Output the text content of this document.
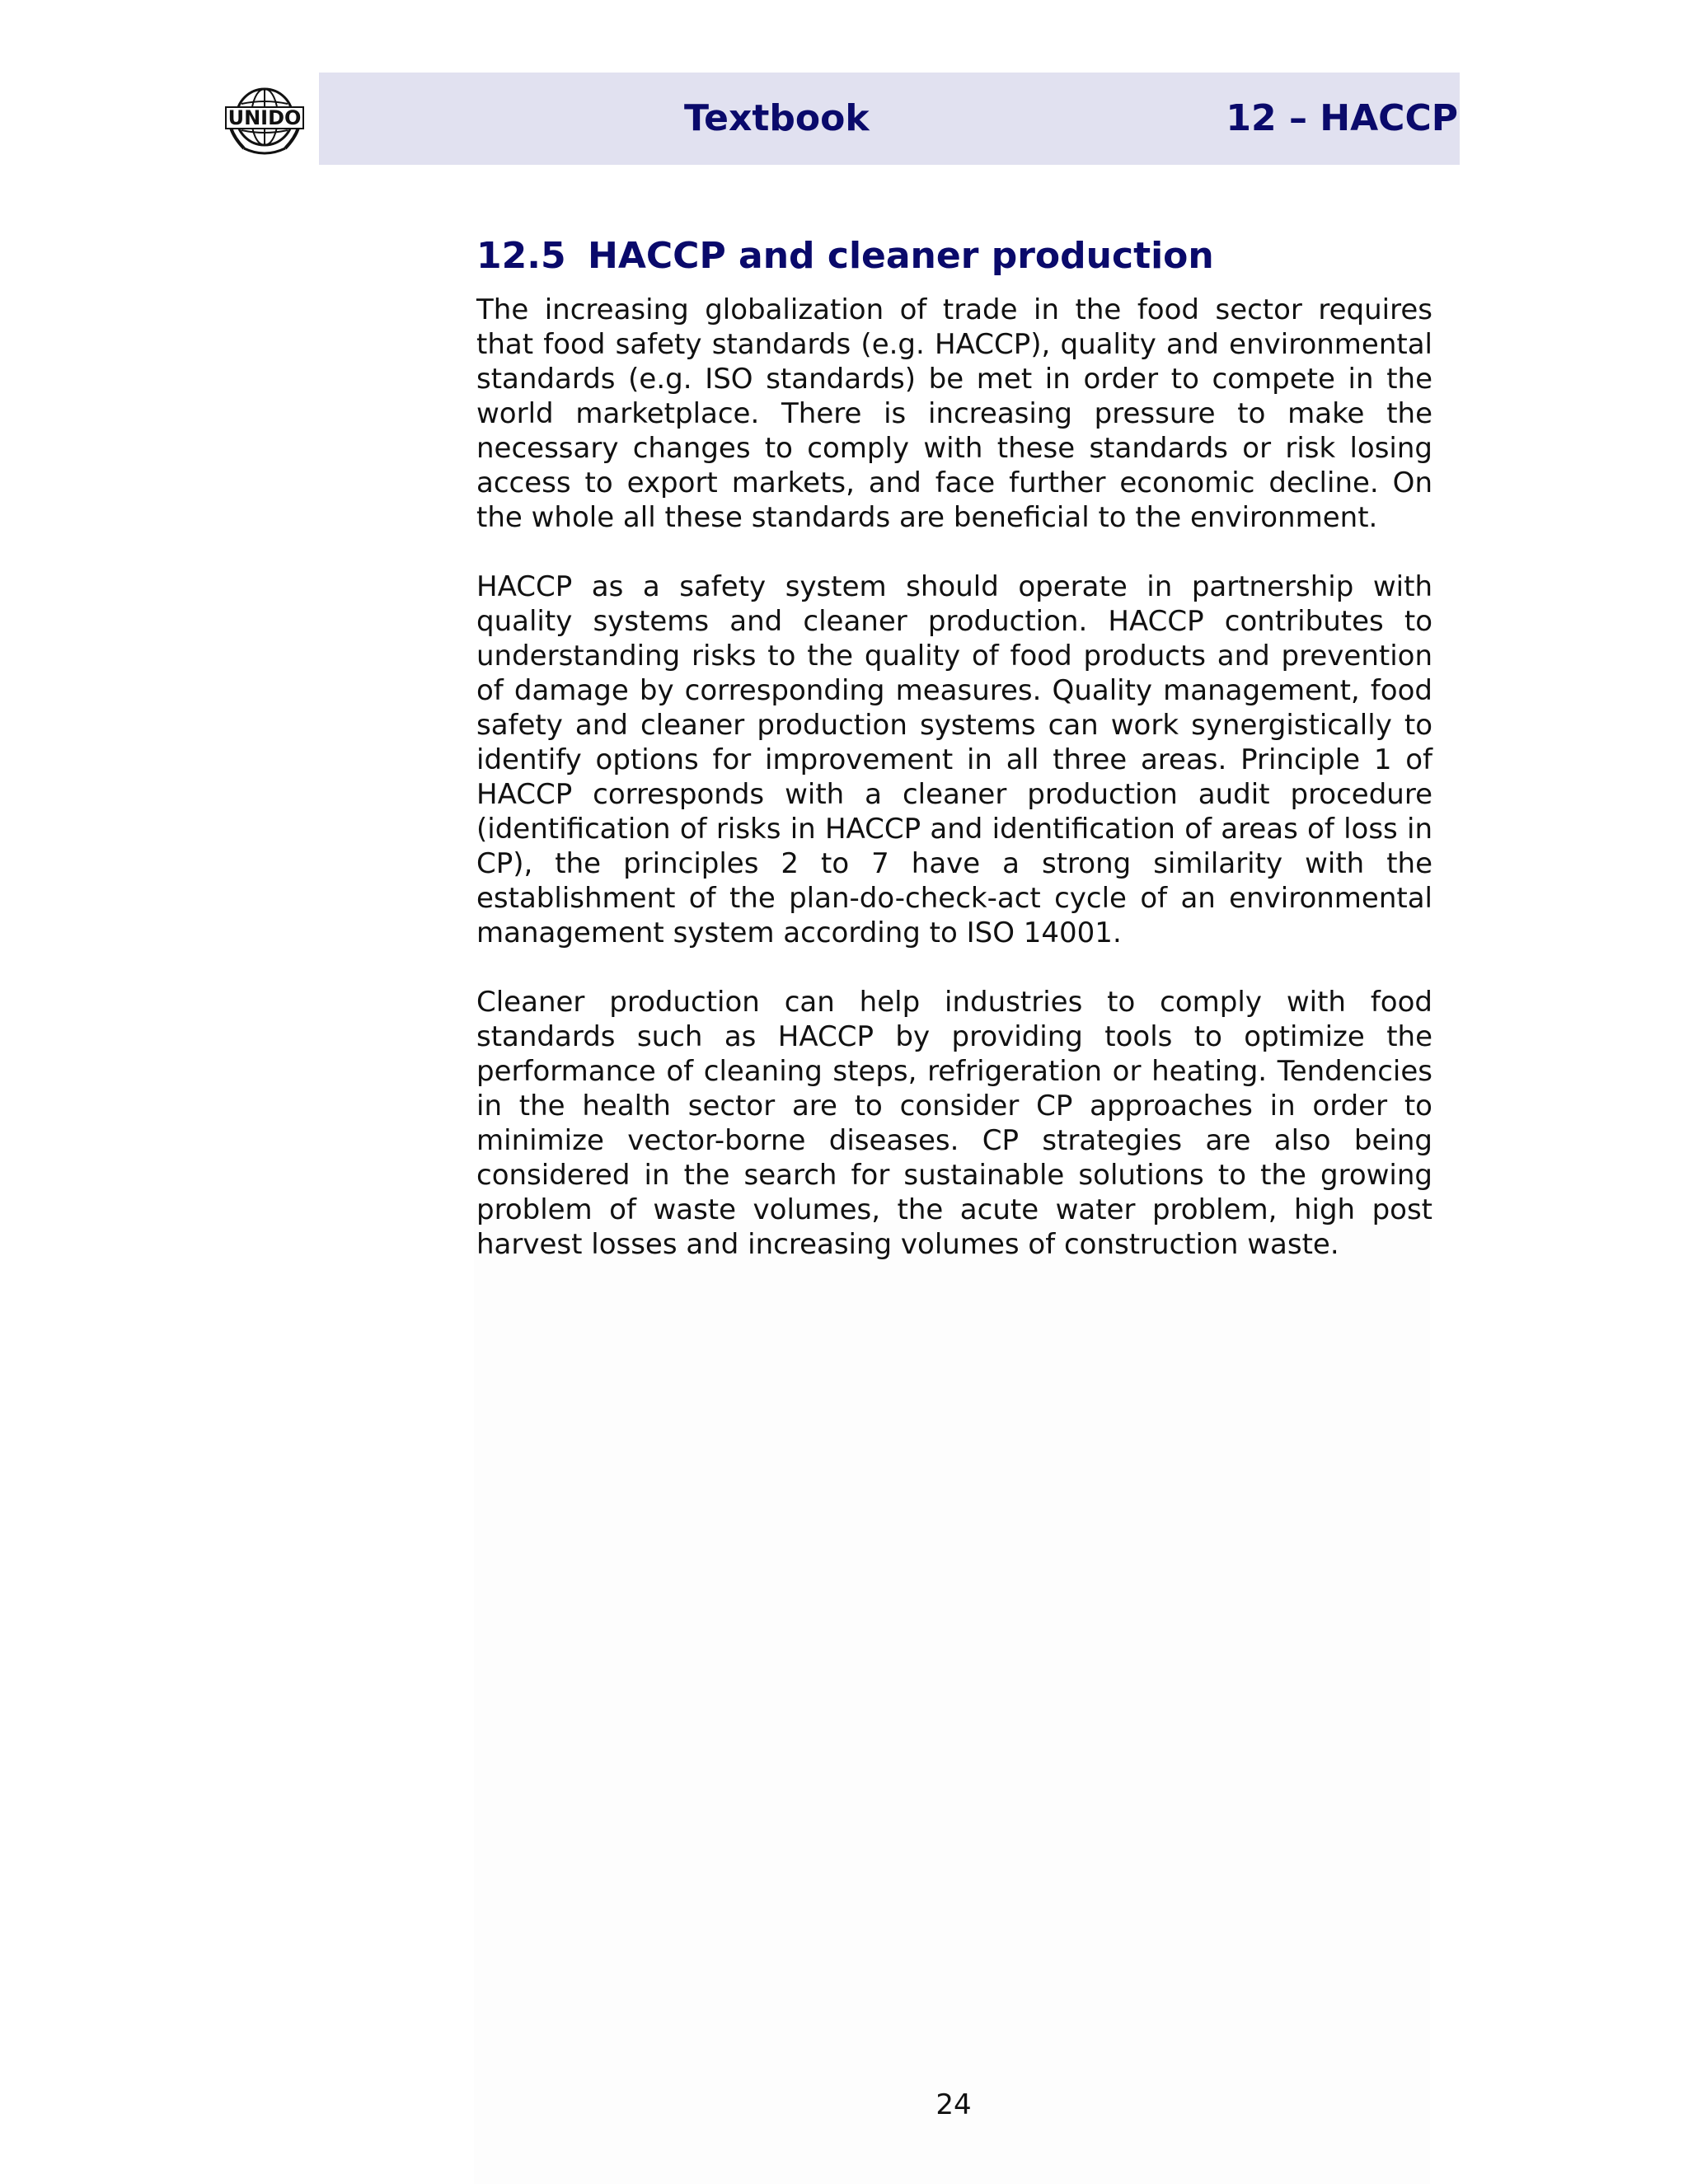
UNIDO	Textbook	12 – HACCP
12.5 HACCP and cleaner production

The increasing globalization of trade in the food sector requires that food safety standards (e.g. HACCP), quality and environmental standards (e.g. ISO standards) be met in order to compete in the world marketplace. There is increasing pressure to make the necessary changes to comply with these standards or risk losing access to export markets, and face further economic decline. On the whole all these standards are beneficial to the environment.

HACCP as a safety system should operate in partnership with quality systems and cleaner production. HACCP contributes to understanding risks to the quality of food products and prevention of damage by corresponding measures. Quality management, food safety and cleaner production systems can work synergistically to identify options for improvement in all three areas. Principle 1 of HACCP corresponds with a cleaner production audit procedure (identification of risks in HACCP and identification of areas of loss in CP), the principles 2 to 7 have a strong similarity with the establishment of the plan-do-check-act cycle of an environmental management system according to ISO 14001.

Cleaner production can help industries to comply with food standards such as HACCP by providing tools to optimize the performance of cleaning steps, refrigeration or heating. Tendencies in the health sector are to consider CP approaches in order to minimize vector-borne diseases. CP strategies are also being considered in the search for sustainable solutions to the growing problem of waste volumes, the acute water problem, high post harvest losses and increasing volumes of construction waste.

24
